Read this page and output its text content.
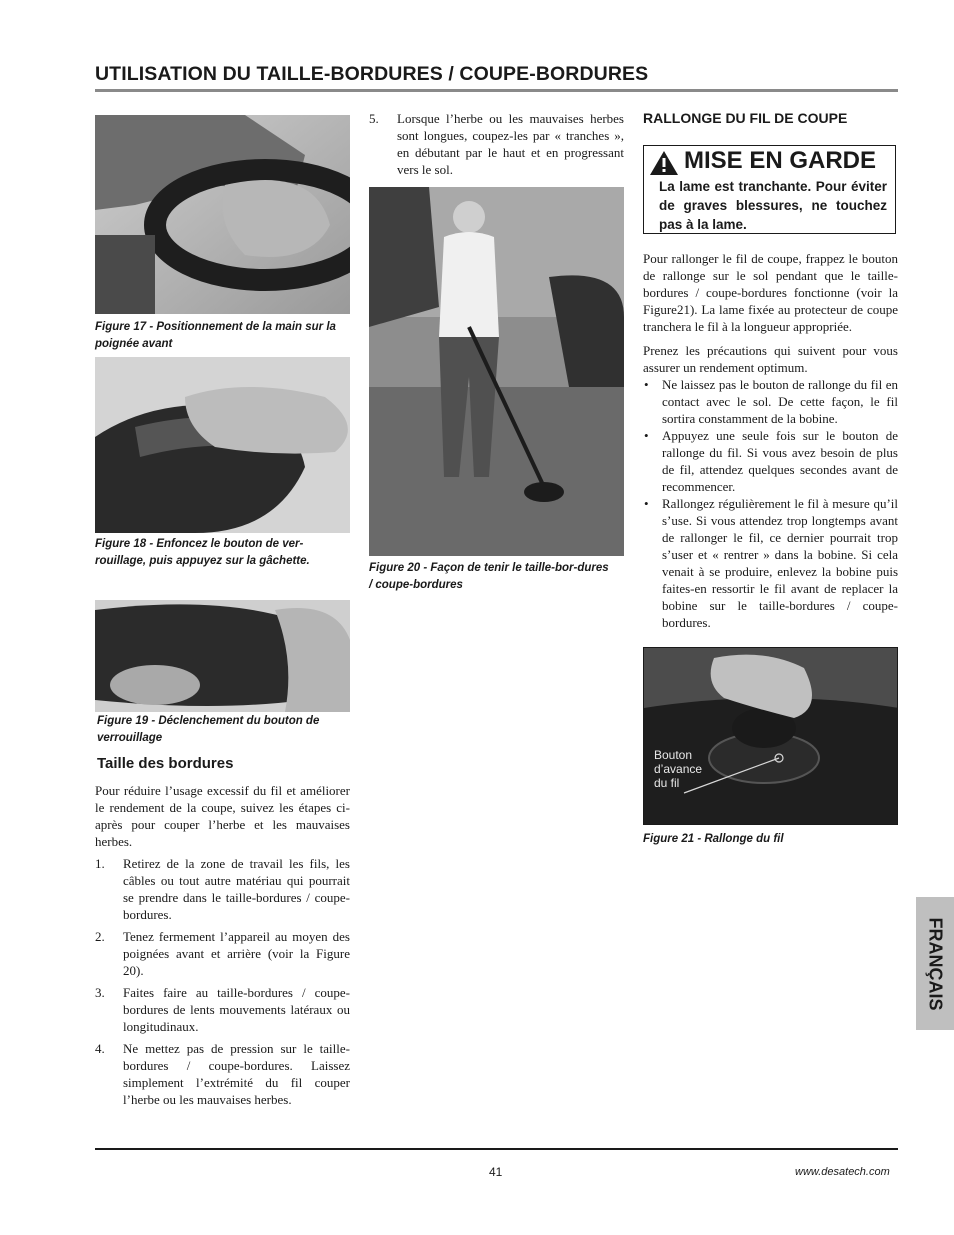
UTILISATION DU TAILLE-BORDURES / COUPE-BORDURES
Figure 17 - Positionnement de la main sur la poignée avant
Figure 18 - Enfoncez le bouton de ver-rouillage, puis appuyez sur la gâchette.
Figure 19 - Déclenchement du bouton de verrouillage
Taille des bordures
Pour réduire l’usage excessif du fil et améliorer le rendement de la coupe, suivez les étapes ci-après pour couper l’herbe et les mauvaises herbes.
1. Retirez de la zone de travail les fils, les câbles ou tout autre matériau qui pourrait se prendre dans le taille-bordures / coupe-bordures.
2. Tenez fermement l’appareil au moyen des poignées avant et arrière (voir la Figure 20).
3. Faites faire au taille-bordures / coupe-bordures de lents mouvements latéraux ou longitudinaux.
4. Ne mettez pas de pression sur le taille-bordures / coupe-bordures. Laissez simplement l’extrémité du fil couper l’herbe ou les mauvaises herbes.
5. Lorsque l’herbe ou les mauvaises herbes sont longues, coupez-les par « tranches », en débutant par le haut et en progressant vers le sol.
Figure 20 - Façon de tenir le taille-bor-dures / coupe-bordures
RALLONGE DU FIL DE COUPE
MISE EN GARDE
La lame est tranchante. Pour éviter de graves blessures, ne touchez pas à la lame.
Pour rallonger le fil de coupe, frappez le bouton de rallonge sur le sol pendant que le taille-bordures / coupe-bordures fonctionne (voir la Figure21). La lame fixée au protecteur de coupe tranchera le fil à la longueur appropriée.
Prenez les précautions qui suivent pour vous assurer un rendement optimum.
• Ne laissez pas le bouton de rallonge du fil en contact avec le sol. De cette façon, le fil sortira constamment de la bobine.
• Appuyez une seule fois sur le bouton de rallonge du fil. Si vous avez besoin de plus de fil, attendez quelques secondes avant de recommencer.
• Rallongez régulièrement le fil à mesure qu’il s’use. Si vous attendez trop longtemps avant de rallonger le fil, ce dernier pourrait trop s’user et « rentrer » dans la bobine. Si cela venait à se produire, enlevez la bobine puis faites-en ressortir le fil avant de replacer la bobine sur le taille-bordures / coupe-bordures.
Bouton d’avance du fil
Figure 21 - Rallonge du fil
FRANÇAIS
41	www.desatech.com
